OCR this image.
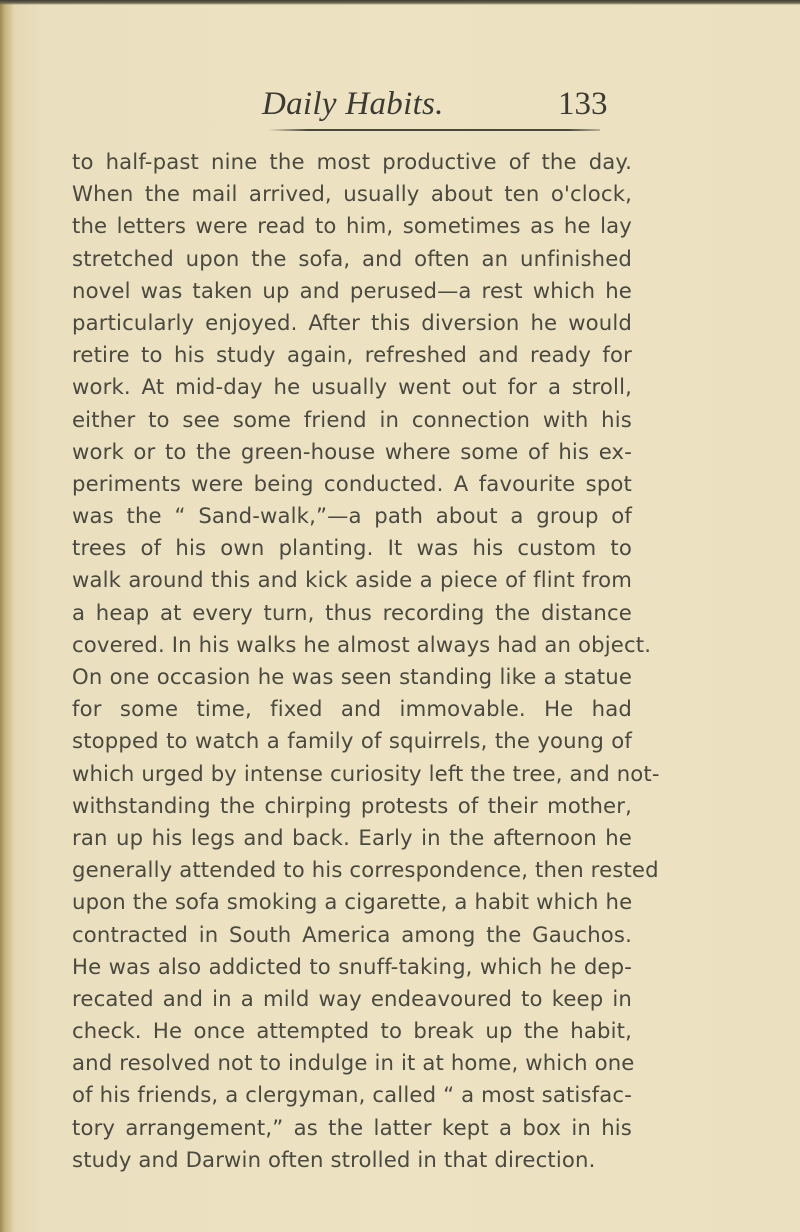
Daily Habits.	133
to half-past nine the most productive of the day.
When the mail arrived, usually about ten o'clock,
the letters were read to him, sometimes as he lay
stretched upon the sofa, and often an unfinished
novel was taken up and perused—a rest which he
particularly enjoyed. After this diversion he would
retire to his study again, refreshed and ready for
work. At mid-day he usually went out for a stroll,
either to see some friend in connection with his
work or to the green-house where some of his ex-
periments were being conducted. A favourite spot
was the “ Sand-walk,”—a path about a group of
trees of his own planting. It was his custom to
walk around this and kick aside a piece of flint from
a heap at every turn, thus recording the distance
covered. In his walks he almost always had an object.
On one occasion he was seen standing like a statue
for some time, fixed and immovable. He had
stopped to watch a family of squirrels, the young of
which urged by intense curiosity left the tree, and not-
withstanding the chirping protests of their mother,
ran up his legs and back. Early in the afternoon he
generally attended to his correspondence, then rested
upon the sofa smoking a cigarette, a habit which he
contracted in South America among the Gauchos.
He was also addicted to snuff-taking, which he dep-
recated and in a mild way endeavoured to keep in
check. He once attempted to break up the habit,
and resolved not to indulge in it at home, which one
of his friends, a clergyman, called “ a most satisfac-
tory arrangement,” as the latter kept a box in his
study and Darwin often strolled in that direction.
